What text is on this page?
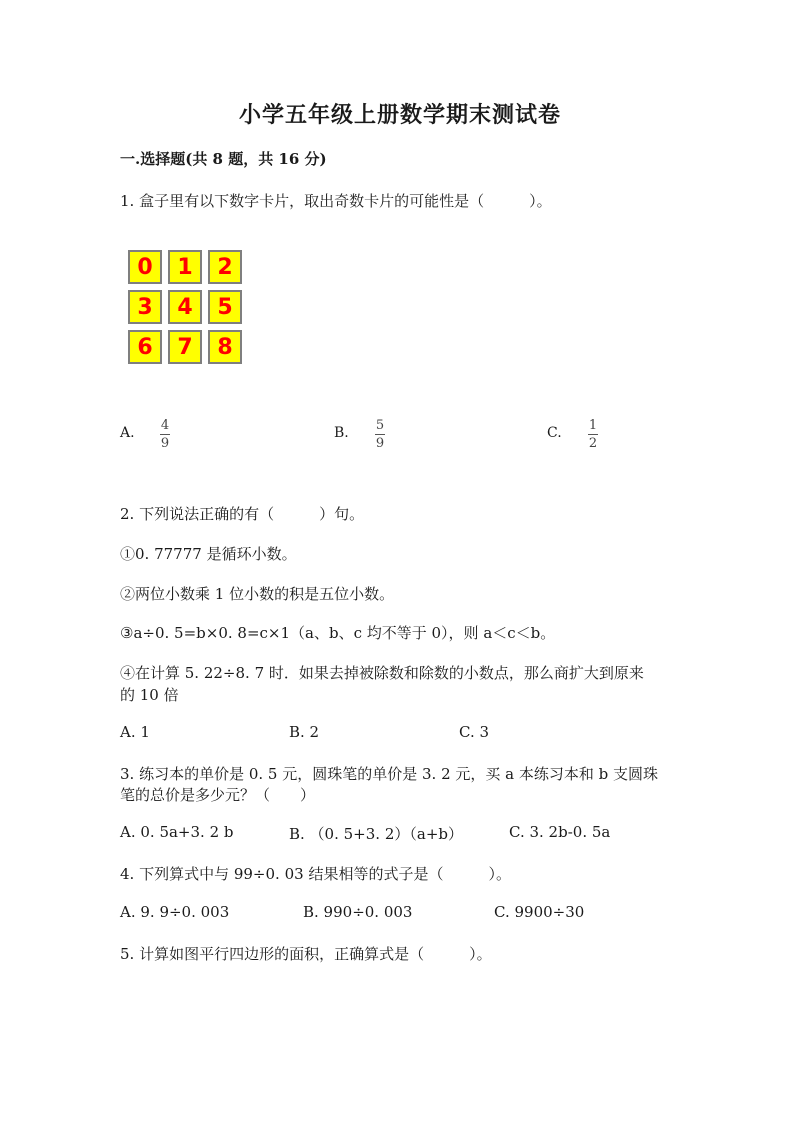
小学五年级上册数学期末测试卷
一.选择题(共 8 题，共 16 分)
1. 盒子里有以下数字卡片，取出奇数卡片的可能性是（　　　）。
0	1	2
3	4	5
6	7	8
A. 4
9
B. 5
9
C. 1
2
2. 下列说法正确的有（　　　）句。
①0. 77777 是循环小数。
②两位小数乘 1 位小数的积是五位小数。
③a÷0. 5=b×0. 8=c×1（a、b、c 均不等于 0），则 a＜c＜b。
④在计算 5. 22÷8. 7 时．如果去掉被除数和除数的小数点，那么商扩大到原来
的 10 倍
A. 1	B. 2	C. 3
3. 练习本的单价是 0. 5 元，圆珠笔的单价是 3. 2 元，买 a 本练习本和 b 支圆珠
笔的总价是多少元？（　　）
A. 0. 5a+3. 2 b	B. （0. 5+3. 2）（a+b）	C. 3. 2b-0. 5a
4. 下列算式中与 99÷0. 03 结果相等的式子是（　　　）。
A. 9. 9÷0. 003	B. 990÷0. 003	C. 9900÷30
5. 计算如图平行四边形的面积，正确算式是（　　　）。
